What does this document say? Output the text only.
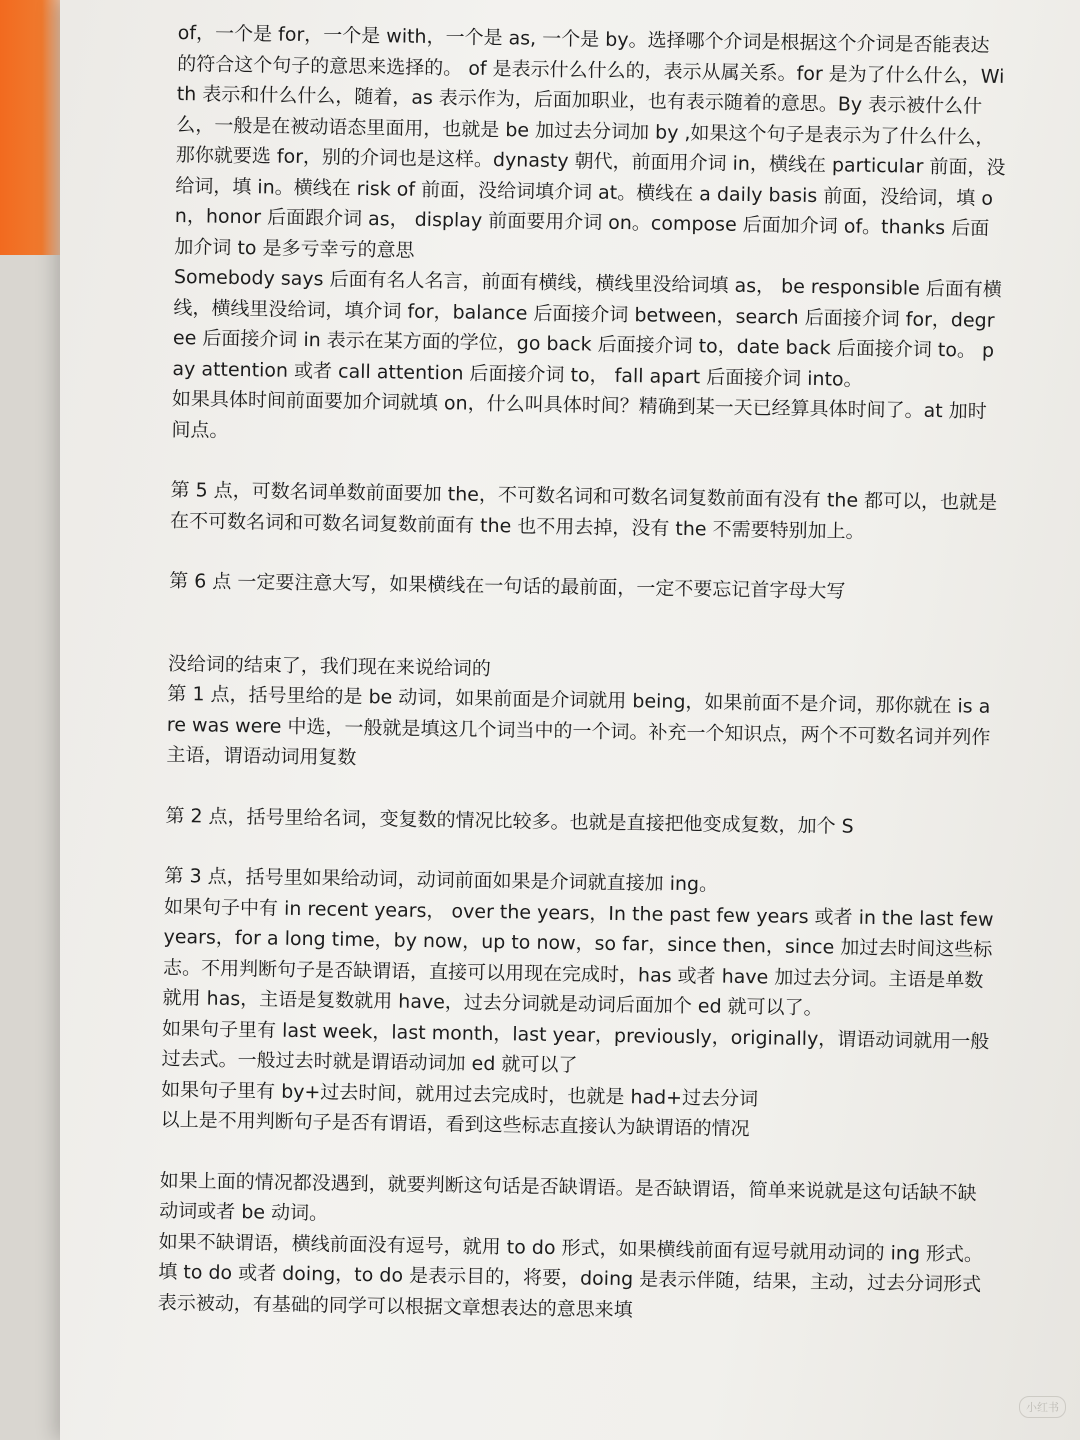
of，一个是 for，一个是 with，一个是 as, 一个是 by。选择哪个介词是根据这个介词是否能表达的符合这个句子的意思来选择的。 of 是表示什么什么的，表示从属关系。for 是为了什么什么，With 表示和什么什么，随着，as 表示作为，后面加职业，也有表示随着的意思。By 表示被什么什么，一般是在被动语态里面用，也就是 be 加过去分词加 by ,如果这个句子是表示为了什么什么，那你就要选 for，别的介词也是这样。dynasty 朝代，前面用介词 in，横线在 particular 前面，没给词，填 in。横线在 risk of 前面，没给词填介词 at。横线在 a daily basis 前面，没给词，填 on，honor 后面跟介词 as， display 前面要用介词 on。compose 后面加介词 of。thanks 后面加介词 to 是多亏幸亏的意思

Somebody says 后面有名人名言，前面有横线，横线里没给词填 as， be responsible 后面有横线，横线里没给词，填介词 for，balance 后面接介词 between，search 后面接介词 for，degree 后面接介词 in 表示在某方面的学位，go back 后面接介词 to，date back 后面接介词 to。 pay attention 或者 call attention 后面接介词 to， fall apart 后面接介词 into。

如果具体时间前面要加介词就填 on，什么叫具体时间？精确到某一天已经算具体时间了。at 加时间点。

第 5 点，可数名词单数前面要加 the，不可数名词和可数名词复数前面有没有 the 都可以，也就是在不可数名词和可数名词复数前面有 the 也不用去掉，没有 the 不需要特别加上。

第 6 点 一定要注意大写，如果横线在一句话的最前面，一定不要忘记首字母大写

没给词的结束了，我们现在来说给词的

第 1 点，括号里给的是 be 动词，如果前面是介词就用 being，如果前面不是介词，那你就在 is are was were 中选，一般就是填这几个词当中的一个词。补充一个知识点，两个不可数名词并列作主语，谓语动词用复数

第 2 点，括号里给名词，变复数的情况比较多。也就是直接把他变成复数，加个 S

第 3 点，括号里如果给动词，动词前面如果是介词就直接加 ing。

如果句子中有 in recent years， over the years，In the past few years 或者 in the last few years，for a long time，by now，up to now，so far，since then，since 加过去时间这些标志。不用判断句子是否缺谓语，直接可以用现在完成时，has 或者 have 加过去分词。主语是单数就用 has，主语是复数就用 have，过去分词就是动词后面加个 ed 就可以了。

如果句子里有 last week，last month，last year，previously，originally，谓语动词就用一般过去式。一般过去时就是谓语动词加 ed 就可以了

如果句子里有 by+过去时间，就用过去完成时，也就是 had+过去分词

以上是不用判断句子是否有谓语，看到这些标志直接认为缺谓语的情况

如果上面的情况都没遇到，就要判断这句话是否缺谓语。是否缺谓语，简单来说就是这句话缺不缺动词或者 be 动词。

如果不缺谓语，横线前面没有逗号，就用 to do 形式，如果横线前面有逗号就用动词的 ing 形式。填 to do 或者 doing，to do 是表示目的，将要，doing 是表示伴随，结果，主动，过去分词形式表示被动，有基础的同学可以根据文章想表达的意思来填

小红书
